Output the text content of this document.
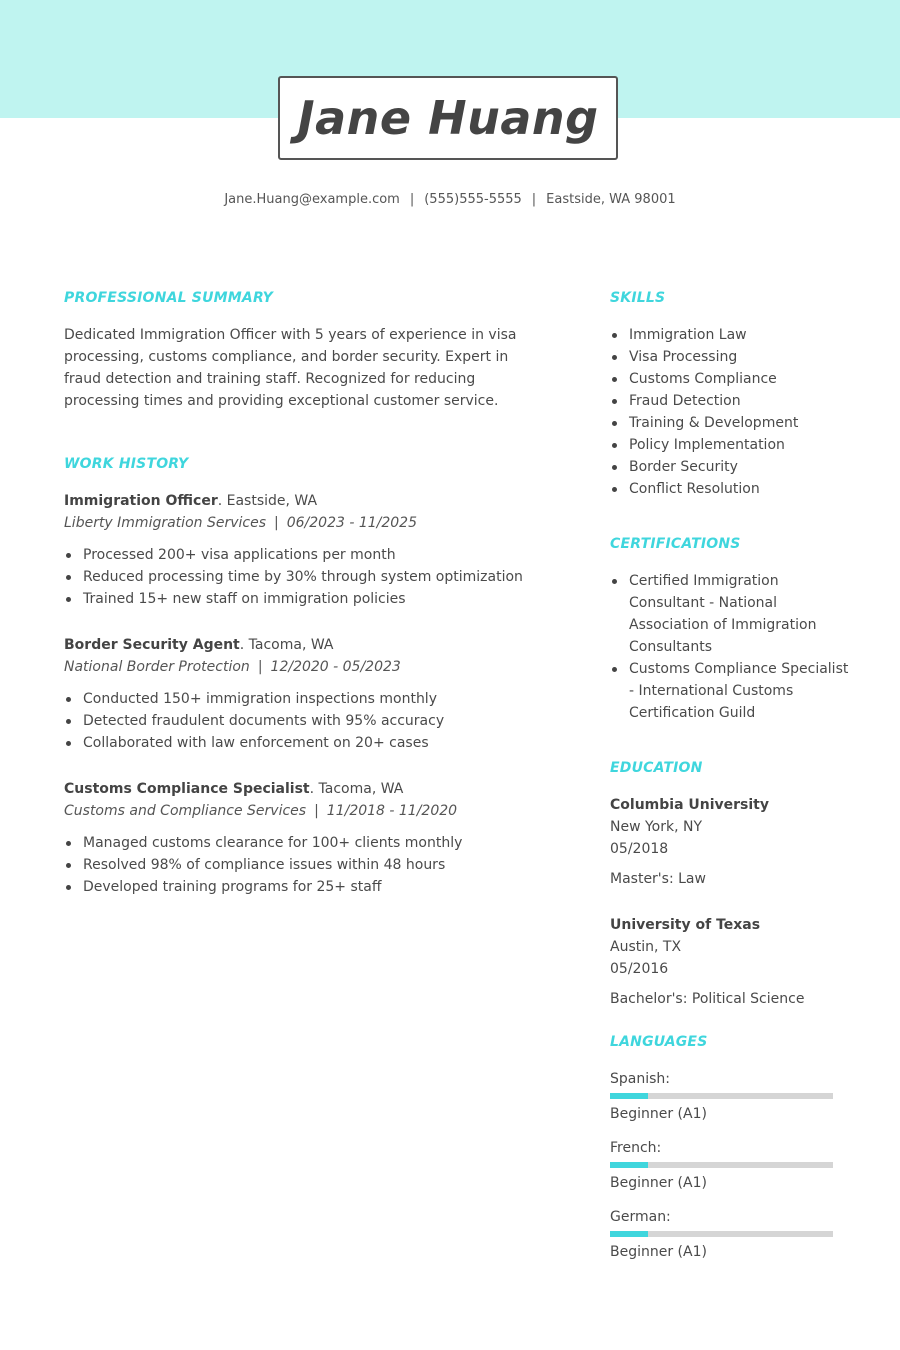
Jane Huang
Jane.Huang@example.com | (555)555-5555 | Eastside, WA 98001
PROFESSIONAL SUMMARY

Dedicated Immigration Officer with 5 years of experience in visa processing, customs compliance, and border security. Expert in fraud detection and training staff. Recognized for reducing processing times and providing exceptional customer service.

WORK HISTORY
Immigration Officer. Eastside, WA
Liberty Immigration Services | 06/2023 - 11/2025
Processed 200+ visa applications per month
Reduced processing time by 30% through system optimization
Trained 15+ new staff on immigration policies
Border Security Agent. Tacoma, WA
National Border Protection | 12/2020 - 05/2023
Conducted 150+ immigration inspections monthly
Detected fraudulent documents with 95% accuracy
Collaborated with law enforcement on 20+ cases
Customs Compliance Specialist. Tacoma, WA
Customs and Compliance Services | 11/2018 - 11/2020
Managed customs clearance for 100+ clients monthly
Resolved 98% of compliance issues within 48 hours
Developed training programs for 25+ staff
SKILLS
Immigration Law
Visa Processing
Customs Compliance
Fraud Detection
Training & Development
Policy Implementation
Border Security
Conflict Resolution
CERTIFICATIONS
Certified Immigration Consultant - National Association of Immigration Consultants
Customs Compliance Specialist - International Customs Certification Guild
EDUCATION
Columbia University
New York, NY
05/2018
Master's: Law
University of Texas
Austin, TX
05/2016
Bachelor's: Political Science
LANGUAGES
Spanish:
Beginner (A1)
French:
Beginner (A1)
German:
Beginner (A1)
